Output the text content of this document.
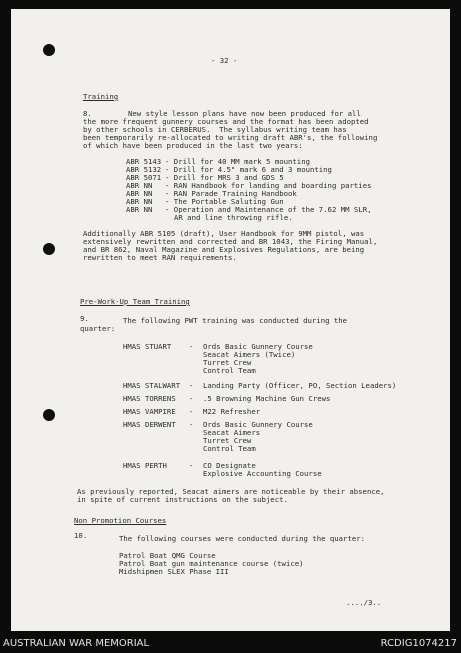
- 32 -
Training
8.	New style lesson plans have now been produced for all
the more frequent gunnery courses and the format has been adopted
by other schools in CERBERUS.  The syllabus writing team has
been temporarily re-allocated to writing draft ABR's, the following
of which have been produced in the last two years:
ABR 5143 - Drill for 40 MM mark 5 mounting
ABR 5132 - Drill for 4.5" mark 6 and 3 mounting
ABR 5071 - Drill for MRS 3 and GDS 5
ABR NN - RAN Handbook for landing and boarding parties
ABR NN - RAN Parade Training Handbook
ABR NN - The Portable Saluting Gun
ABR NN - Operation and Maintenance of the 7.62 MM SLR,
AR and line throwing rifle.
Additionally ABR 5105 (draft), User Handbook for 9MM pistol, was
extensively rewritten and corrected and BR 1043, the Firing Manual,
and BR 862, Naval Magazine and Explosives Regulations, are being
rewritten to meet RAN requirements.
Pre-Work-Up Team Training
9.	The following PWT training was conducted during the
quarter:
HMAS STUART - Ords Basic Gunnery Course
Seacat Aimers (Twice)
Turret Crew
Control Team
HMAS STALWART - Landing Party (Officer, PO, Section Leaders)
HMAS TORRENS - .5 Browning Machine Gun Crews
HMAS VAMPIRE - M22 Refresher
HMAS DERWENT - Ords Basic Gunnery Course
Seacat Aimers
Turret Crew
Control Team
HMAS PERTH	- CO Designate
Explosive Accounting Course
As previously reported, Seacat aimers are noticeable by their absence,
in spite of current instructions on the subject.
Non Promotion Courses
10.	The following courses were conducted during the quarter:
Patrol Boat QMG Course
Patrol Boat gun maintenance course (twice)
Midshipmen SLEX Phase III
..../3..
AUSTRALIAN WAR MEMORIAL	RCDIG1074217
